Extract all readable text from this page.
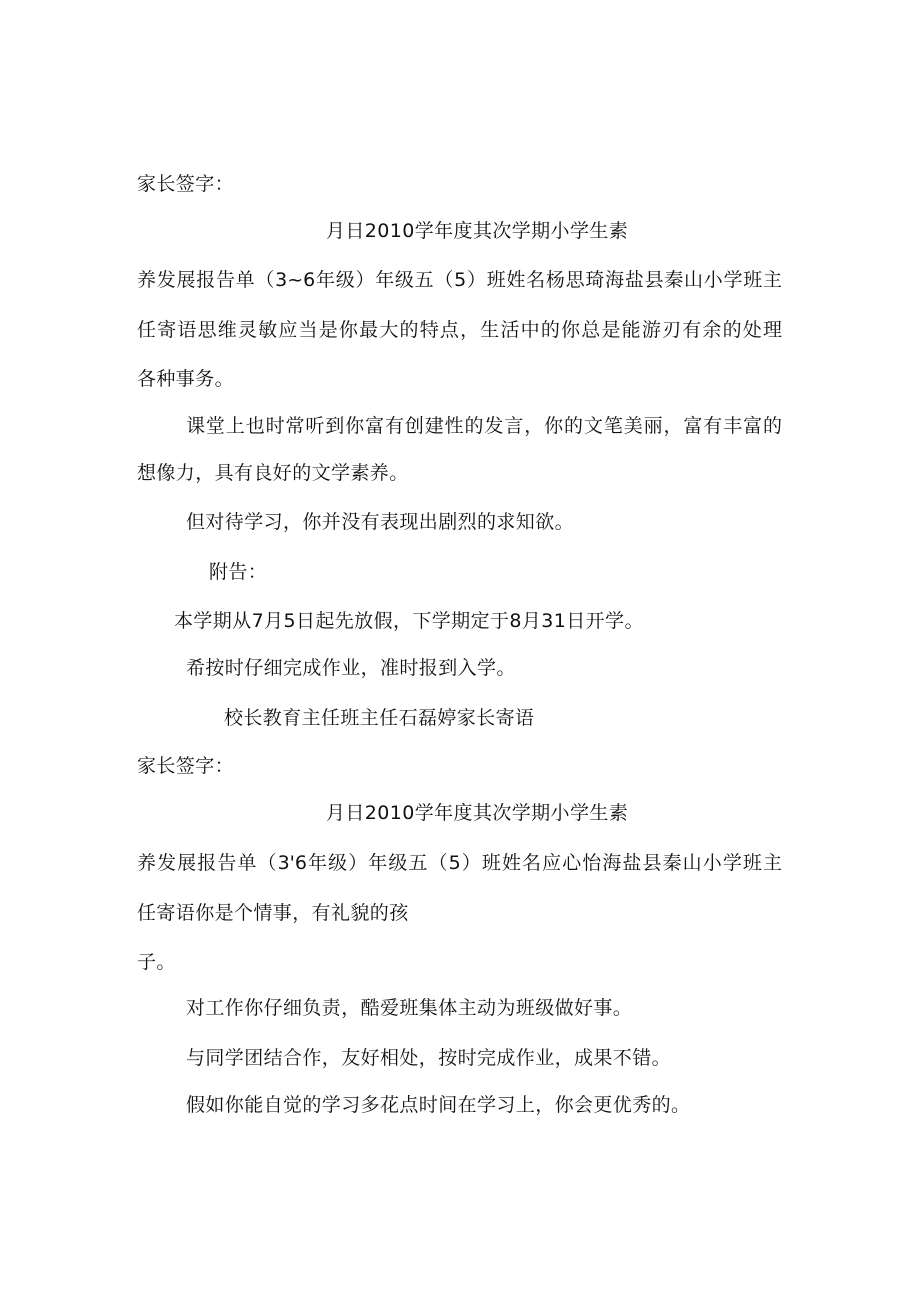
家长签字：
月日2010学年度其次学期小学生素
养发展报告单（3~6年级）年级五（5）班姓名杨思琦海盐县秦山小学班主
任寄语思维灵敏应当是你最大的特点，生活中的你总是能游刃有余的处理
各种事务。
课堂上也时常听到你富有创建性的发言，你的文笔美丽，富有丰富的
想像力，具有良好的文学素养。
但对待学习，你并没有表现出剧烈的求知欲。
附告：
本学期从7月5日起先放假，下学期定于8月31日开学。
希按时仔细完成作业，准时报到入学。
校长教育主任班主任石磊婷家长寄语
家长签字：
月日2010学年度其次学期小学生素
养发展报告单（3'6年级）年级五（5）班姓名应心怡海盐县秦山小学班主
任寄语你是个情事，有礼貌的孩
子。
对工作你仔细负责，酷爱班集体主动为班级做好事。
与同学团结合作，友好相处，按时完成作业，成果不错。
假如你能自觉的学习多花点时间在学习上，你会更优秀的。
